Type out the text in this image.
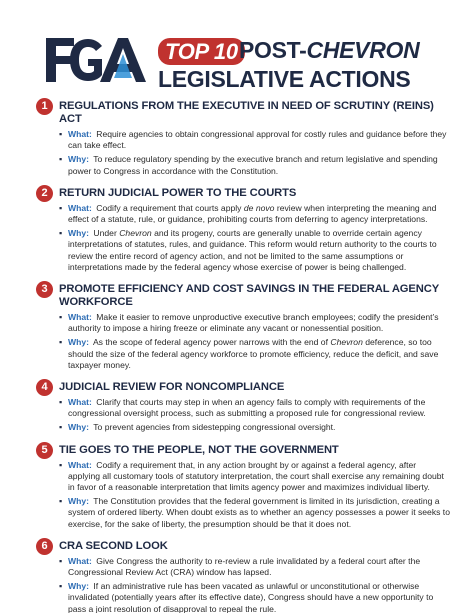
TOP 10 POST-CHEVRON
LEGISLATIVE ACTIONS
1	REGULATIONS FROM THE EXECUTIVE IN NEED OF SCRUTINY (REINS) ACT
▪ What: Require agencies to obtain congressional approval for costly rules and guidance before they can take effect.
▪ Why: To reduce regulatory spending by the executive branch and return legislative and spending power to Congress in accordance with the Constitution.
2	RETURN JUDICIAL POWER TO THE COURTS
▪ What: Codify a requirement that courts apply de novo review when interpreting the meaning and effect of a statute, rule, or guidance, prohibiting courts from deferring to agency interpretations.
▪ Why: Under Chevron and its progeny, courts are generally unable to override certain agency interpretations of statutes, rules, and guidance. This reform would return authority to the courts to review the entire record of agency action, and not be limited to the same assumptions or interpretations made by the federal agency whose exercise of power is being challenged.
3	PROMOTE EFFICIENCY AND COST SAVINGS IN THE FEDERAL AGENCY WORKFORCE
▪ What: Make it easier to remove unproductive executive branch employees; codify the president’s authority to impose a hiring freeze or eliminate any vacant or nonessential position.
▪ Why: As the scope of federal agency power narrows with the end of Chevron deference, so too should the size of the federal agency workforce to promote efficiency, reduce the deficit, and save taxpayer money.
4	JUDICIAL REVIEW FOR NONCOMPLIANCE
▪ What: Clarify that courts may step in when an agency fails to comply with requirements of the congressional oversight process, such as submitting a proposed rule for congressional review.
▪ Why: To prevent agencies from sidestepping congressional oversight.
5	TIE GOES TO THE PEOPLE, NOT THE GOVERNMENT
▪ What: Codify a requirement that, in any action brought by or against a federal agency, after applying all customary tools of statutory interpretation, the court shall exercise any remaining doubt in favor of a reasonable interpretation that limits agency power and maximizes individual liberty.
▪ Why: The Constitution provides that the federal government is limited in its jurisdiction, creating a system of ordered liberty. When doubt exists as to whether an agency possesses a power it seeks to exercise, for the sake of liberty, the presumption should be that it does not.
6	CRA SECOND LOOK
▪ What: Give Congress the authority to re-review a rule invalidated by a federal court after the Congressional Review Act (CRA) window has lapsed.
▪ Why: If an administrative rule has been vacated as unlawful or unconstitutional or otherwise invalidated (potentially years after its effective date), Congress should have a new opportunity to pass a joint resolution of disapproval to repeal the rule.
